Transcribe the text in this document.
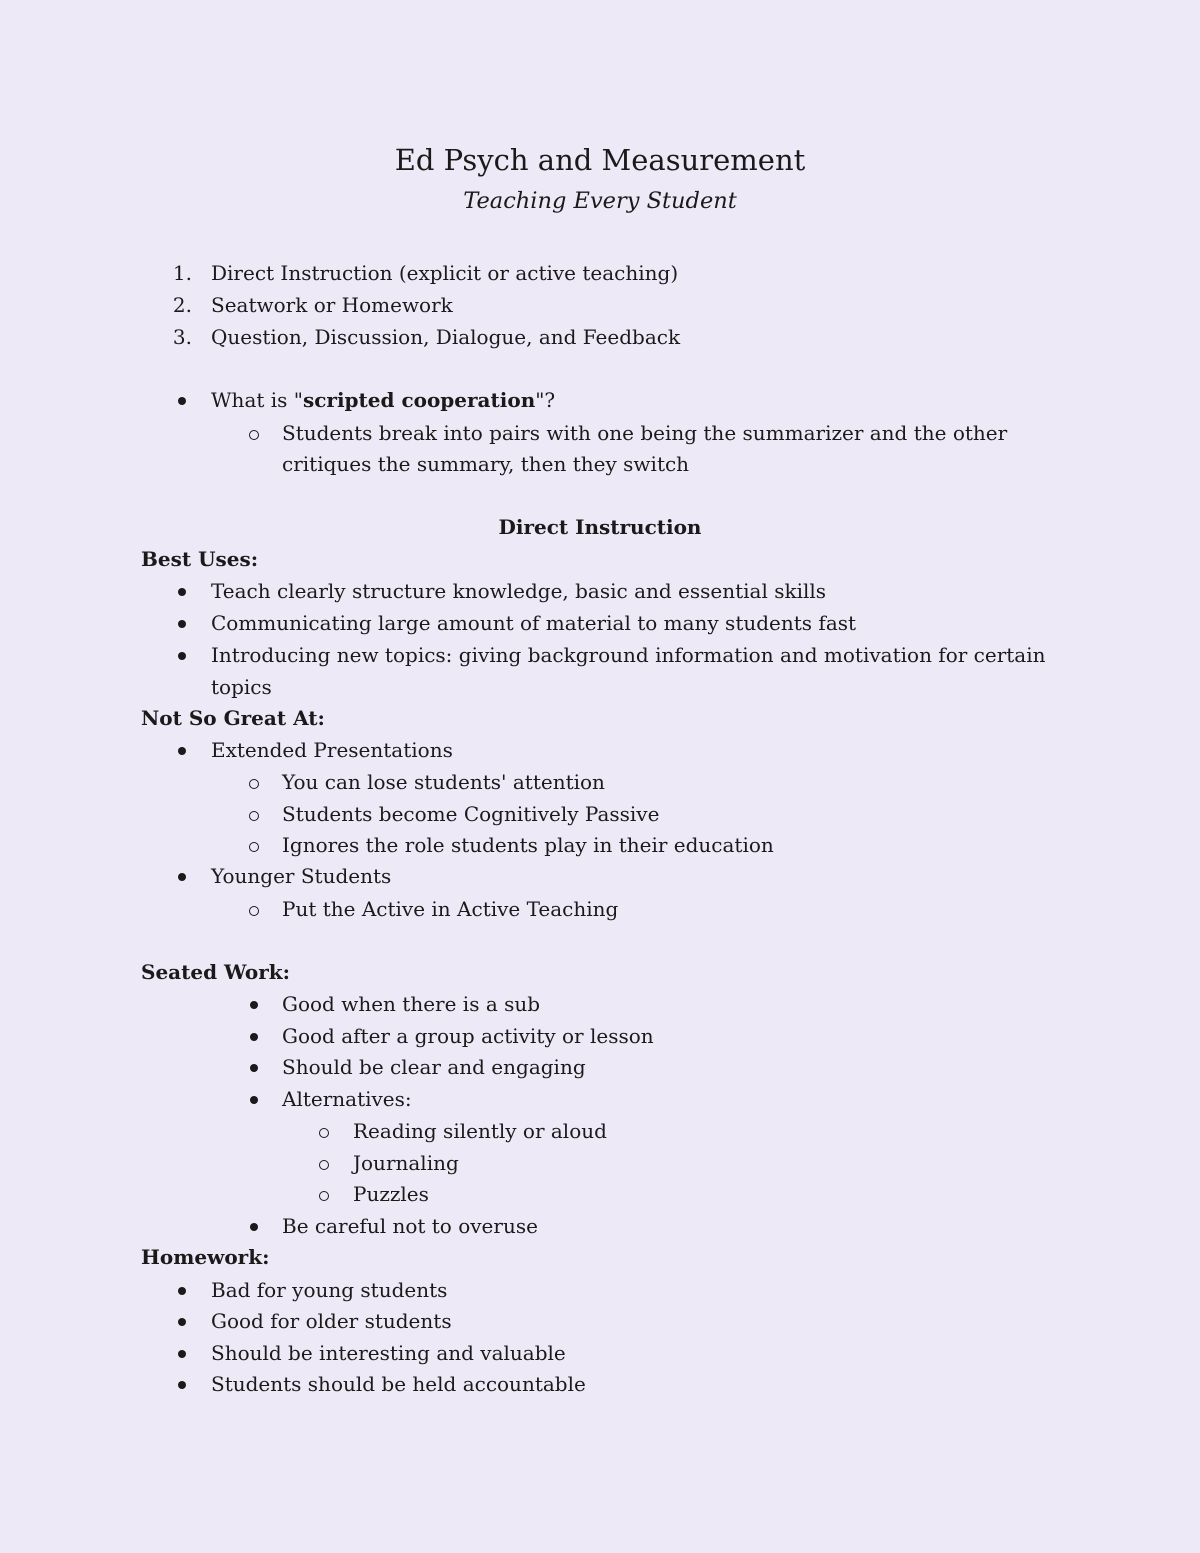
Ed Psych and Measurement
Teaching Every Student
1. Direct Instruction (explicit or active teaching)
2. Seatwork or Homework
3. Question, Discussion, Dialogue, and Feedback
What is "scripted cooperation"?
Students break into pairs with one being the summarizer and the other
critiques the summary, then they switch
Direct Instruction
Best Uses:
Teach clearly structure knowledge, basic and essential skills
Communicating large amount of material to many students fast
Introducing new topics: giving background information and motivation for certain
topics
Not So Great At:
Extended Presentations
You can lose students' attention
Students become Cognitively Passive
Ignores the role students play in their education
Younger Students
Put the Active in Active Teaching
Seated Work:
Good when there is a sub
Good after a group activity or lesson
Should be clear and engaging
Alternatives:
Reading silently or aloud
Journaling
Puzzles
Be careful not to overuse
Homework:
Bad for young students
Good for older students
Should be interesting and valuable
Students should be held accountable
